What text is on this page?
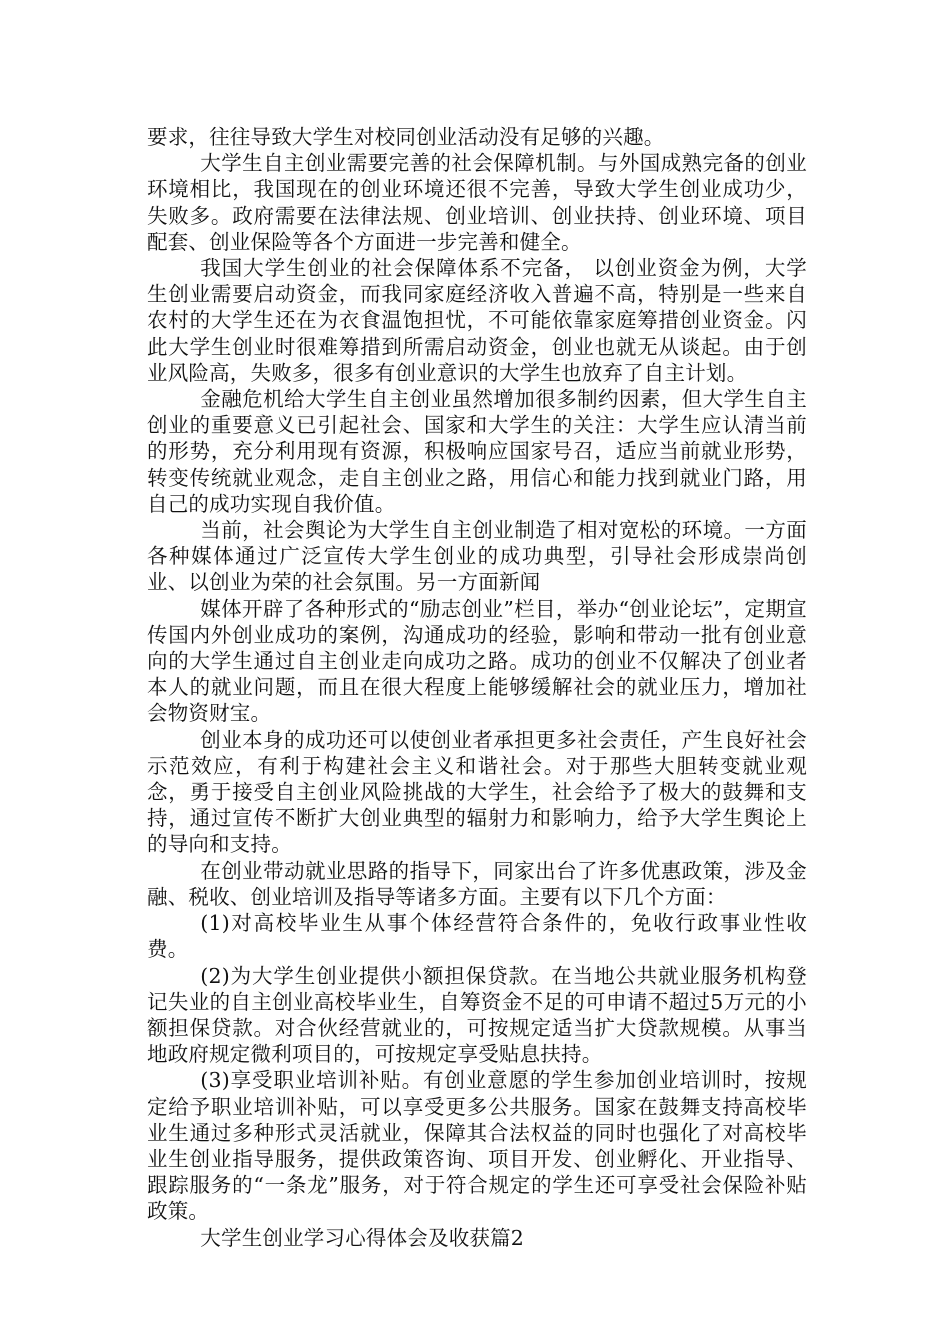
要求，往往导致大学生对校同创业活动没有足够的兴趣。

大学生自主创业需要完善的社会保障机制。与外国成熟完备的创业环境相比，我国现在的创业环境还很不完善，导致大学生创业成功少，失败多。政府需要在法律法规、创业培训、创业扶持、创业环境、项目配套、创业保险等各个方面进一步完善和健全。

我国大学生创业的社会保障体系不完备， 以创业资金为例，大学生创业需要启动资金，而我同家庭经济收入普遍不高，特别是一些来自农村的大学生还在为衣食温饱担忧，不可能依靠家庭筹措创业资金。闪此大学生创业时很难筹措到所需启动资金，创业也就无从谈起。由于创业风险高，失败多，很多有创业意识的大学生也放弃了自主计划。

金融危机给大学生自主创业虽然增加很多制约因素，但大学生自主创业的重要意义已引起社会、国家和大学生的关注：大学生应认清当前的形势，充分利用现有资源，积极响应国家号召，适应当前就业形势，转变传统就业观念，走自主创业之路，用信心和能力找到就业门路，用自己的成功实现自我价值。

当前，社会舆论为大学生自主创业制造了相对宽松的环境。一方面各种媒体通过广泛宣传大学生创业的成功典型，引导社会形成崇尚创业、以创业为荣的社会氛围。另一方面新闻

媒体开辟了各种形式的“励志创业”栏目，举办“创业论坛”，定期宣传国内外创业成功的案例，沟通成功的经验，影响和带动一批有创业意向的大学生通过自主创业走向成功之路。成功的创业不仅解决了创业者本人的就业问题，而且在很大程度上能够缓解社会的就业压力，增加社会物资财宝。

创业本身的成功还可以使创业者承担更多社会责任，产生良好社会示范效应，有利于构建社会主义和谐社会。对于那些大胆转变就业观念，勇于接受自主创业风险挑战的大学生，社会给予了极大的鼓舞和支持，通过宣传不断扩大创业典型的辐射力和影响力，给予大学生舆论上的导向和支持。

在创业带动就业思路的指导下，同家出台了许多优惠政策，涉及金融、税收、创业培训及指导等诸多方面。主要有以下几个方面：

(1)对高校毕业生从事个体经营符合条件的，免收行政事业性收费。

(2)为大学生创业提供小额担保贷款。在当地公共就业服务机构登记失业的自主创业高校毕业生，自筹资金不足的可申请不超过5万元的小额担保贷款。对合伙经营就业的，可按规定适当扩大贷款规模。从事当地政府规定微利项目的，可按规定享受贴息扶持。

(3)享受职业培训补贴。有创业意愿的学生参加创业培训时，按规定给予职业培训补贴，可以享受更多公共服务。国家在鼓舞支持高校毕业生通过多种形式灵活就业，保障其合法权益的同时也强化了对高校毕业生创业指导服务，提供政策咨询、项目开发、创业孵化、开业指导、跟踪服务的“一条龙”服务，对于符合规定的学生还可享受社会保险补贴政策。

大学生创业学习心得体会及收获篇2
